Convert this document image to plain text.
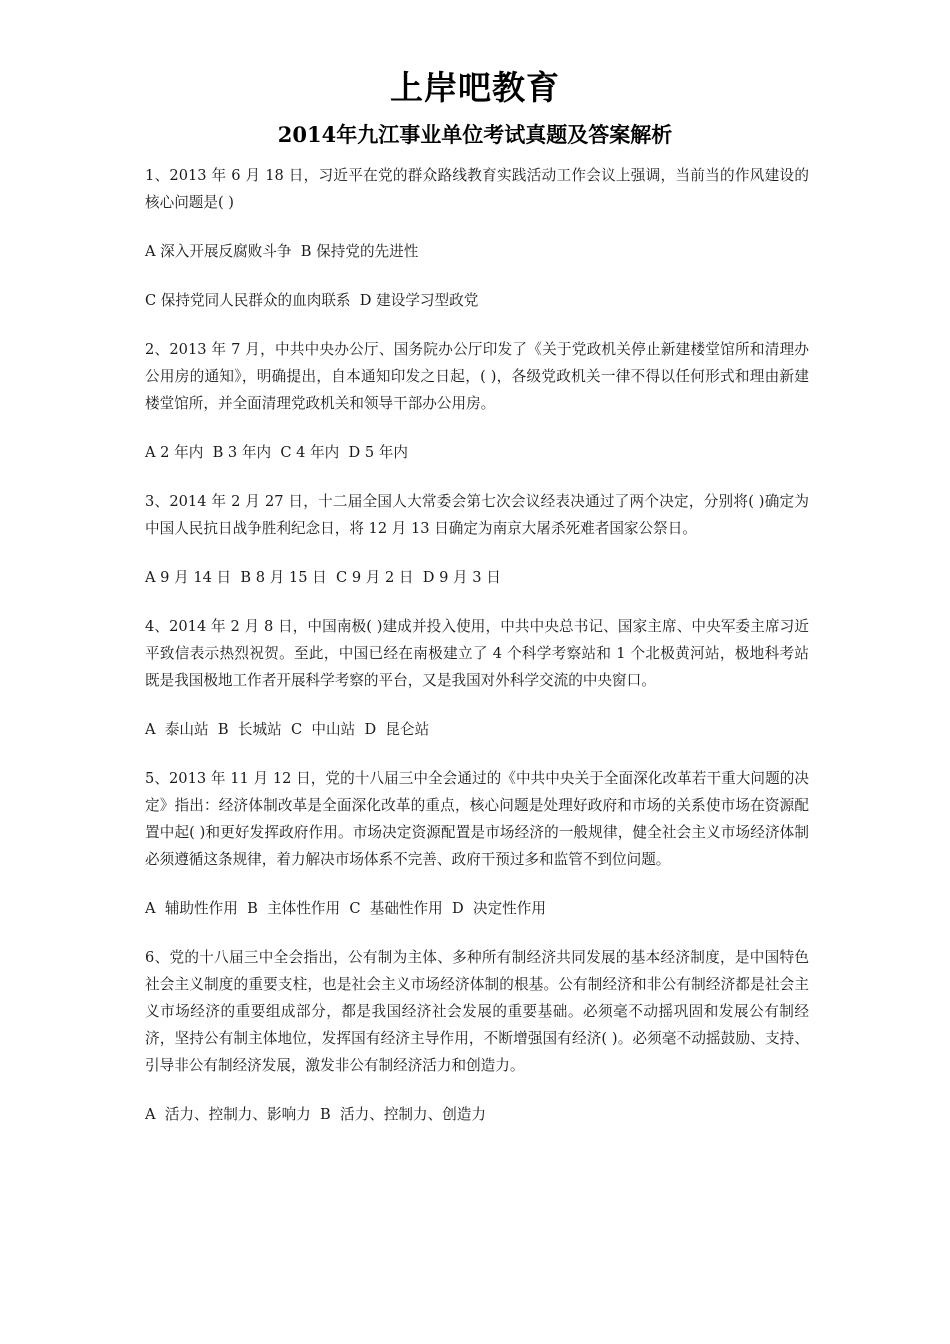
上岸吧教育
2014年九江事业单位考试真题及答案解析

1、2013 年 6 月 18 日，习近平在党的群众路线教育实践活动工作会议上强调，当前当的作风建设的核心问题是( )

A 深入开展反腐败斗争  B 保持党的先进性

C 保持党同人民群众的血肉联系  D 建设学习型政党

2、2013 年 7 月，中共中央办公厅、国务院办公厅印发了《关于党政机关停止新建楼堂馆所和清理办公用房的通知》，明确提出，自本通知印发之日起，( )，各级党政机关一律不得以任何形式和理由新建楼堂馆所，并全面清理党政机关和领导干部办公用房。

A 2 年内  B 3 年内  C 4 年内  D 5 年内

3、2014 年 2 月 27 日，十二届全国人大常委会第七次会议经表决通过了两个决定，分别将( )确定为中国人民抗日战争胜利纪念日，将 12 月 13 日确定为南京大屠杀死难者国家公祭日。

A 9 月 14 日  B 8 月 15 日  C 9 月 2 日  D 9 月 3 日

4、2014 年 2 月 8 日，中国南极( )建成并投入使用，中共中央总书记、国家主席、中央军委主席习近平致信表示热烈祝贺。至此，中国已经在南极建立了 4 个科学考察站和 1 个北极黄河站，极地科考站既是我国极地工作者开展科学考察的平台，又是我国对外科学交流的中央窗口。

A  泰山站  B  长城站  C  中山站  D  昆仑站

5、2013 年 11 月 12 日，党的十八届三中全会通过的《中共中央关于全面深化改革若干重大问题的决定》指出：经济体制改革是全面深化改革的重点，核心问题是处理好政府和市场的关系使市场在资源配置中起( )和更好发挥政府作用。市场决定资源配置是市场经济的一般规律，健全社会主义市场经济体制必须遵循这条规律，着力解决市场体系不完善、政府干预过多和监管不到位问题。

A  辅助性作用  B  主体性作用  C  基础性作用  D  决定性作用

6、党的十八届三中全会指出，公有制为主体、多种所有制经济共同发展的基本经济制度，是中国特色社会主义制度的重要支柱，也是社会主义市场经济体制的根基。公有制经济和非公有制经济都是社会主义市场经济的重要组成部分，都是我国经济社会发展的重要基础。必须毫不动摇巩固和发展公有制经济，坚持公有制主体地位，发挥国有经济主导作用，不断增强国有经济( )。必须毫不动摇鼓励、支持、引导非公有制经济发展，激发非公有制经济活力和创造力。

A  活力、控制力、影响力  B  活力、控制力、创造力
